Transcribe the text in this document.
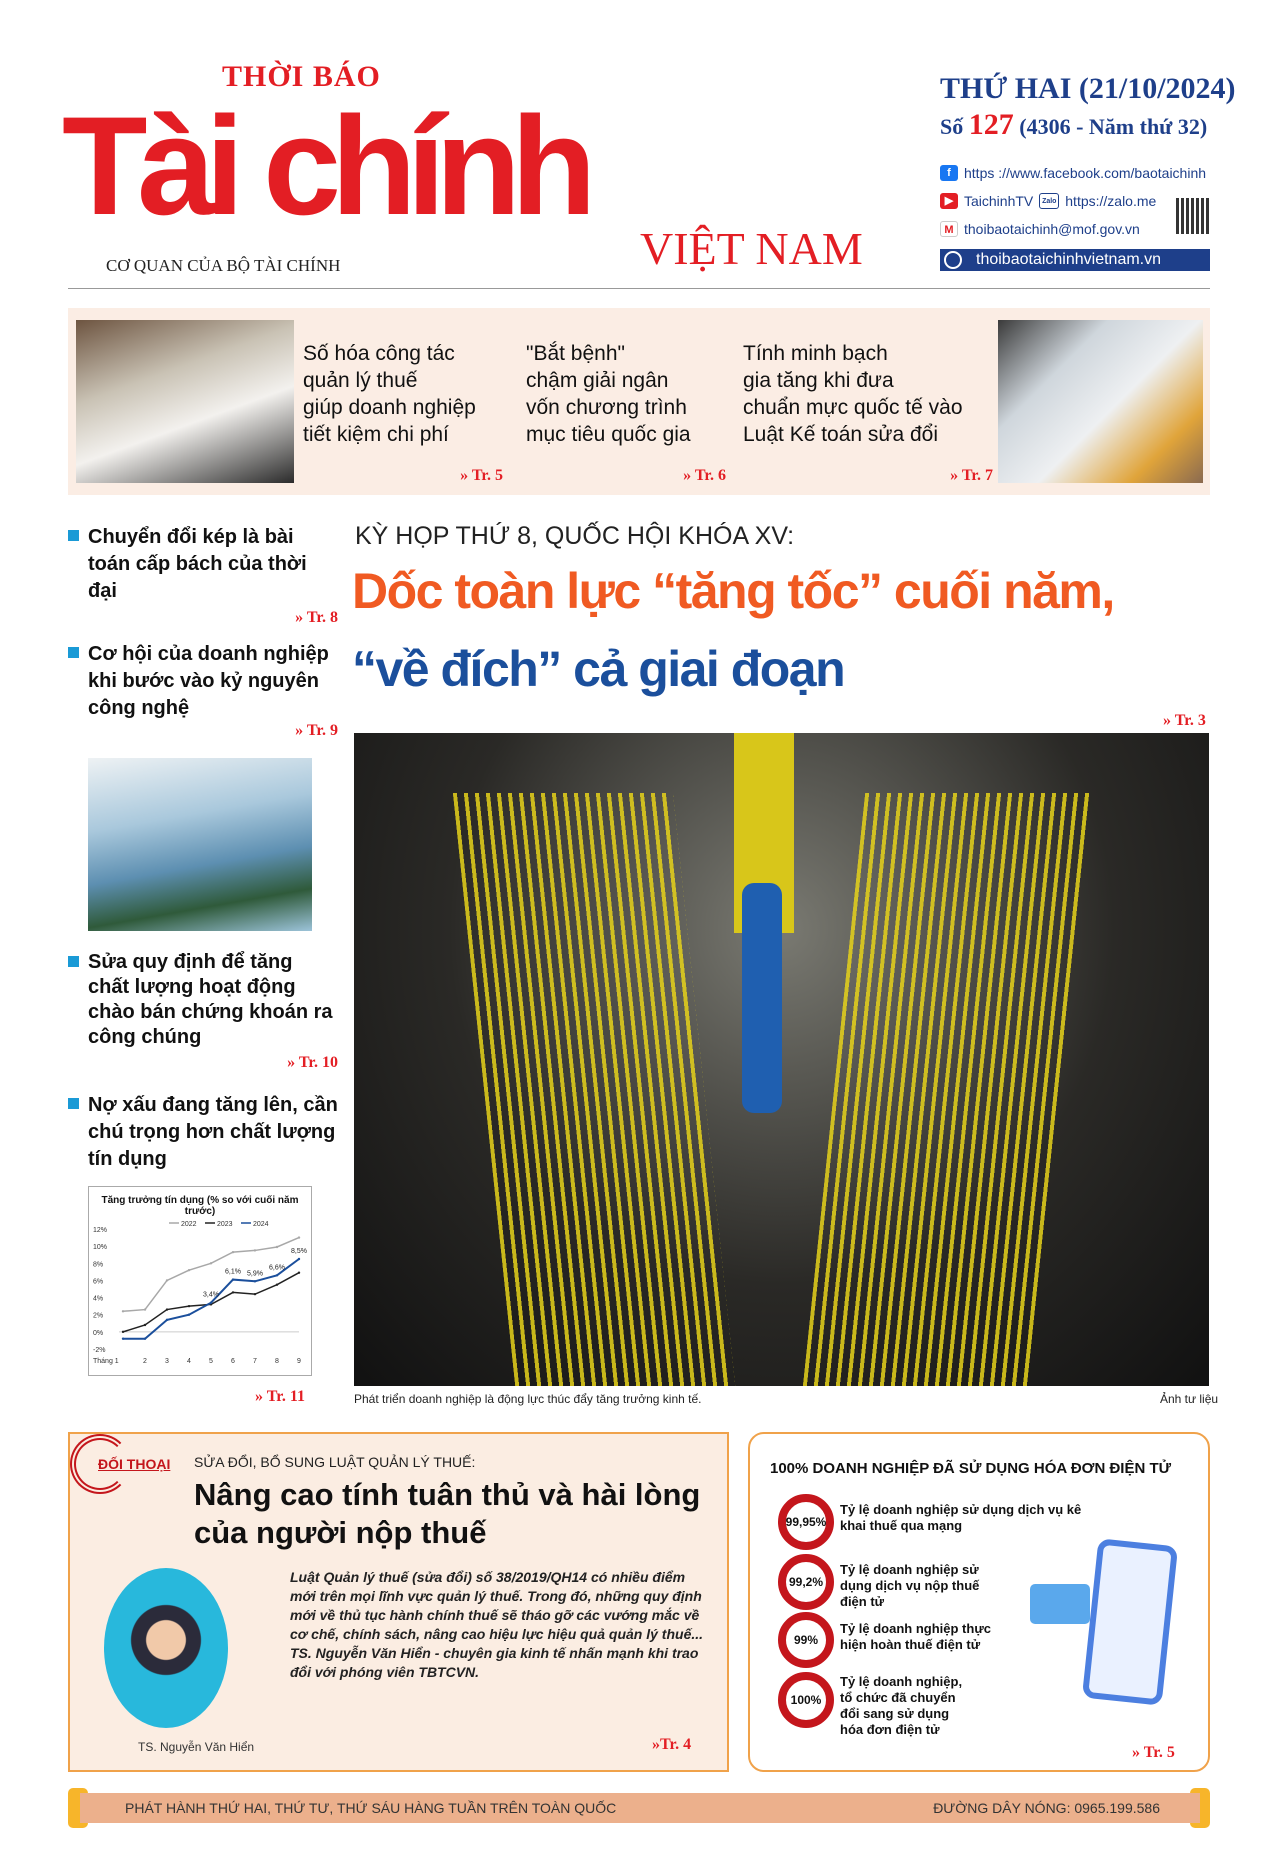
Tài chính
THỜI BÁO
CƠ QUAN CỦA BỘ TÀI CHÍNH	VIỆT NAM
THỨ HAI (21/10/2024)
Số 127 (4306 - Năm thứ 32)
f https ://www.facebook.com/baotaichinh
▶ TaichinhTV	Zalo https://zalo.me
M thoibaotaichinh@mof.gov.vn
thoibaotaichinhvietnam.vn
Số hóa công tác
quản lý thuế
giúp doanh nghiệp
tiết kiệm chi phí
» Tr. 5
"Bắt bệnh"
chậm giải ngân
vốn chương trình
mục tiêu quốc gia
» Tr. 6
Tính minh bạch
gia tăng khi đưa
chuẩn mực quốc tế vào
Luật Kế toán sửa đổi
» Tr. 7
Chuyển đổi kép là bài toán cấp bách của thời đại
» Tr. 8
Cơ hội của doanh nghiệp khi bước vào kỷ nguyên công nghệ
» Tr. 9
Sửa quy định để tăng chất lượng hoạt động chào bán chứng khoán ra công chúng
» Tr. 10
Nợ xấu đang tăng lên, cần chú trọng hơn chất lượng tín dụng
Tăng trưởng tín dụng (% so với cuối năm trước)
12%
10%
8%
6%
4%
2%
0%
-2%
Tháng 1	2	3	4	5	6	7	8	9
2022	2023	2024
3,4%
6,1% 5,9%
6,6%
8,5%
» Tr. 11
KỲ HỌP THỨ 8, QUỐC HỘI KHÓA XV:
Dốc toàn lực “tăng tốc” cuối năm,
“về đích” cả giai đoạn
» Tr. 3
Phát triển doanh nghiệp là động lực thúc đẩy tăng trưởng kinh tế.	Ảnh tư liệu
ĐỐI THOẠI SỬA ĐỔI, BỔ SUNG LUẬT QUẢN LÝ THUẾ:
Nâng cao tính tuân thủ và hài lòng của người nộp thuế
TS. Nguyễn Văn Hiển
Luật Quản lý thuế (sửa đổi) số 38/2019/QH14 có nhiều điểm mới trên mọi lĩnh vực quản lý thuế. Trong đó, những quy định mới về thủ tục hành chính thuế sẽ tháo gỡ các vướng mắc về cơ chế, chính sách, nâng cao hiệu lực hiệu quả quản lý thuế... TS. Nguyễn Văn Hiển - chuyên gia kinh tế nhấn mạnh khi trao đổi với phóng viên TBTCVN.
»Tr. 4
100% DOANH NGHIỆP ĐÃ SỬ DỤNG HÓA ĐƠN ĐIỆN TỬ
99,95%
Tỷ lệ doanh nghiệp sử dụng dịch vụ kê khai thuế qua mạng
99,2%
Tỷ lệ doanh nghiệp sử dụng dịch vụ nộp thuế điện tử
99%
Tỷ lệ doanh nghiệp thực hiện hoàn thuế điện tử
100%
Tỷ lệ doanh nghiệp, tổ chức đã chuyển đổi sang sử dụng hóa đơn điện tử
» Tr. 5
PHÁT HÀNH THỨ HAI, THỨ TƯ, THỨ SÁU HÀNG TUẦN TRÊN TOÀN QUỐC	ĐƯỜNG DÂY NÓNG: 0965.199.586
